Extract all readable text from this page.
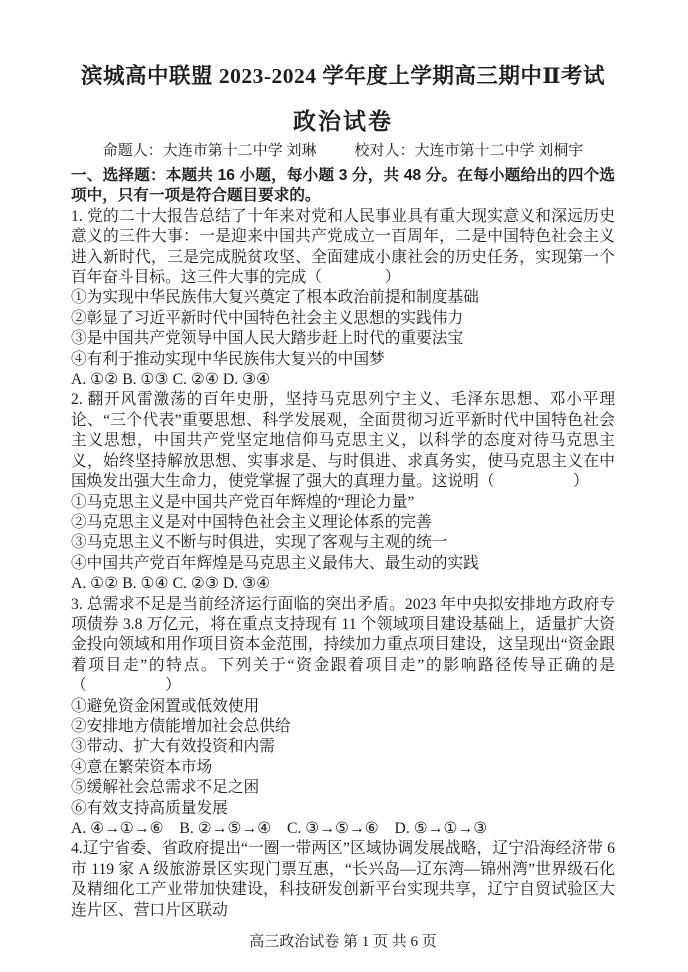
滨城高中联盟 2023-2024 学年度上学期高三期中Ⅱ考试
政治试卷
命题人：大连市第十二中学 刘琳	校对人：大连市第十二中学 刘桐宇

一、选择题：本题共 16 小题，每小题 3 分，共 48 分。在每小题给出的四个选项中，只有一项是符合题目要求的。

1. 党的二十大报告总结了十年来对党和人民事业具有重大现实意义和深远历史意义的三件大事：一是迎来中国共产党成立一百周年，二是中国特色社会主义进入新时代，三是完成脱贫攻坚、全面建成小康社会的历史任务，实现第一个百年奋斗目标。这三件大事的完成（　　　　）

①为实现中华民族伟大复兴奠定了根本政治前提和制度基础

②彰显了习近平新时代中国特色社会主义思想的实践伟力

③是中国共产党领导中国人民大踏步赶上时代的重要法宝

④有利于推动实现中华民族伟大复兴的中国梦

A. ①② B. ①③ C. ②④ D. ③④

2. 翻开风雷激荡的百年史册，坚持马克思列宁主义、毛泽东思想、邓小平理论、“三个代表”重要思想、科学发展观，全面贯彻习近平新时代中国特色社会主义思想，中国共产党坚定地信仰马克思主义，以科学的态度对待马克思主义，始终坚持解放思想、实事求是、与时俱进、求真务实，使马克思主义在中国焕发出强大生命力，使党掌握了强大的真理力量。这说明（　　　　　）

①马克思主义是中国共产党百年辉煌的“理论力量”

②马克思主义是对中国特色社会主义理论体系的完善

③马克思主义不断与时俱进，实现了客观与主观的统一

④中国共产党百年辉煌是马克思主义最伟大、最生动的实践

A. ①② B. ①④ C. ②③ D. ③④

3. 总需求不足是当前经济运行面临的突出矛盾。2023 年中央拟安排地方政府专项债券 3.8 万亿元，将在重点支持现有 11 个领域项目建设基础上，适量扩大资金投向领域和用作项目资本金范围，持续加力重点项目建设，这呈现出“资金跟着项目走”的特点。下列关于“资金跟着项目走”的影响路径传导正确的是（　　　　　）

①避免资金闲置或低效使用

②安排地方债能增加社会总供给

③带动、扩大有效投资和内需

④意在繁荣资本市场

⑤缓解社会总需求不足之困

⑥有效支持高质量发展

A. ④→①→⑥    B. ②→⑤→④    C. ③→⑤→⑥    D. ⑤→①→③

4.辽宁省委、省政府提出“一圈一带两区”区域协调发展战略，辽宁沿海经济带 6 市 119 家 A 级旅游景区实现门票互惠，“长兴岛—辽东湾—锦州湾”世界级石化及精细化工产业带加快建设，科技研发创新平台实现共享，辽宁自贸试验区大连片区、营口片区联动

高三政治试卷 第 1 页 共 6 页
